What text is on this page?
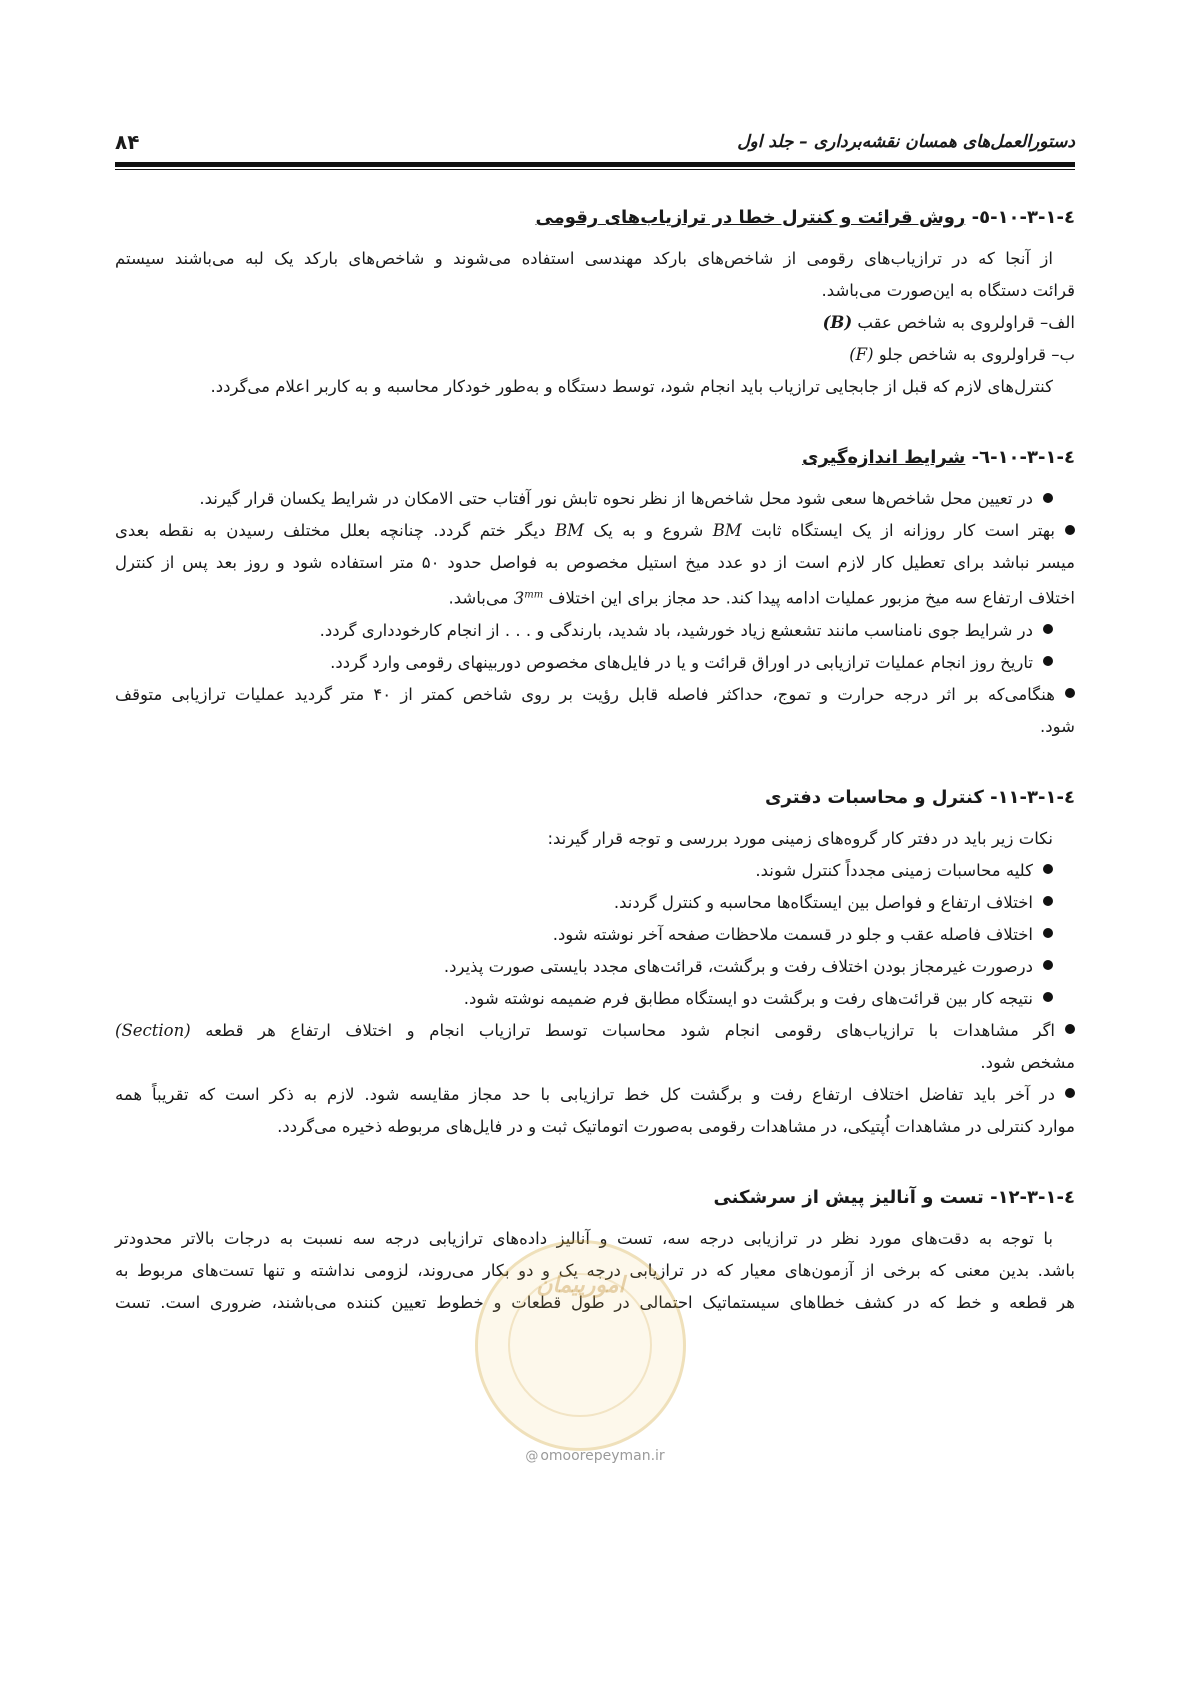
دستورالعمل‌های همسان نقشه‌برداری – جلد اول
۸۴
٤-١-٣-١٠-٥- روش قرائت و کنترل خطا در ترازیاب‌های رقومی

از آنجا که در ترازیاب‌های رقومی از شاخص‌های بارکد مهندسی استفاده می‌شوند و شاخص‌های بارکد یک لبه می‌باشند سیستم

قرائت دستگاه به این‌صورت می‌باشد.

الف– قراولروی به شاخص عقب (B)

ب– قراولروی به شاخص جلو (F)

کنترل‌های لازم که قبل از جابجایی ترازیاب باید انجام شود، توسط دستگاه و به‌طور خودکار محاسبه و به کاربر اعلام می‌گردد.

٤-١-٣-١٠-٦- شرایط اندازه‌گیری
در تعیین محل شاخص‌ها سعی شود محل شاخص‌ها از نظر نحوه تابش نور آفتاب حتی الامکان در شرایط یکسان قرار گیرند.
بهتر است کار روزانه از یک ایستگاه ثابت BM شروع و به یک BM دیگر ختم گردد. چنانچه بعلل مختلف رسیدن به نقطه بعدی
میسر نباشد برای تعطیل کار لازم است از دو عدد میخ استیل مخصوص به فواصل حدود ۵۰ متر استفاده شود و روز بعد پس از کنترل
اختلاف ارتفاع سه میخ مزبور عملیات ادامه پیدا کند. حد مجاز برای این اختلاف $3^{mm}$ می‌باشد.
در شرایط جوی نامناسب مانند تشعشع زیاد خورشید، باد شدید، بارندگی و . . . از انجام کارخودداری گردد.
تاریخ روز انجام عملیات ترازیابی در اوراق قرائت و یا در فایل‌های مخصوص دوربینهای رقومی وارد گردد.
هنگامی‌که بر اثر درجه حرارت و تموج، حداکثر فاصله قابل رؤیت بر روی شاخص کمتر از ۴۰ متر گردید عملیات ترازیابی متوقف
شود.
٤-١-٣-١١- کنترل و محاسبات دفتری

نکات زیر باید در دفتر کار گروه‌های زمینی مورد بررسی و توجه قرار گیرند:

کلیه محاسبات زمینی مجدداً کنترل شوند.
اختلاف ارتفاع و فواصل بین ایستگاه‌ها محاسبه و کنترل گردند.
اختلاف فاصله عقب و جلو در قسمت ملاحظات صفحه آخر نوشته شود.
درصورت غیرمجاز بودن اختلاف رفت و برگشت، قرائت‌های مجدد بایستی صورت پذیرد.
نتیجه کار بین قرائت‌های رفت و برگشت دو ایستگاه مطابق فرم ضمیمه نوشته شود.
اگر مشاهدات با ترازیاب‌های رقومی انجام شود محاسبات توسط ترازیاب انجام و اختلاف ارتفاع هر قطعه (Section)
مشخص شود.
در آخر باید تفاضل اختلاف ارتفاع رفت و برگشت کل خط ترازیابی با حد مجاز مقایسه شود. لازم به ذکر است که تقریباً همه
موارد کنترلی در مشاهدات اُپتیکی، در مشاهدات رقومی به‌صورت اتوماتیک ثبت و در فایل‌های مربوطه ذخیره می‌گردد.
٤-١-٣-١٢- تست و آنالیز پیش از سرشکنی

با توجه به دقت‌های مورد نظر در ترازیابی درجه سه، تست و آنالیز داده‌های ترازیابی درجه سه نسبت به درجات بالاتر محدودتر

باشد. بدین معنی که برخی از آزمون‌های معیار که در ترازیابی درجه یک و دو بکار می‌روند، لزومی نداشته و تنها تست‌های مربوط به

هر قطعه و خط که در کشف خطاهای سیستماتیک احتمالی در طول قطعات و خطوط تعیین کننده می‌باشند، ضروری است. تست

امورپیمان
@ omoorepeyman.ir
